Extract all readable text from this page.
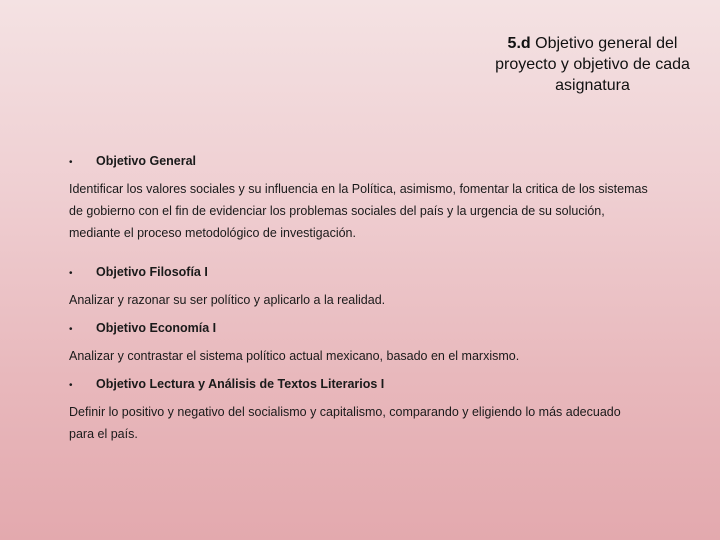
5.d Objetivo general del proyecto y objetivo de cada asignatura
•	Objetivo General

Identificar los valores sociales y su influencia en la Política, asimismo, fomentar la critica de los sistemas de gobierno con el fin de evidenciar los problemas sociales del país y la urgencia de su solución, mediante el proceso metodológico de investigación.

•	Objetivo Filosofía I

Analizar y razonar su ser político y aplicarlo a la realidad.

•	Objetivo Economía I

Analizar y contrastar el sistema político actual mexicano, basado en el marxismo.

•	Objetivo Lectura y Análisis de Textos Literarios I

Definir lo positivo y negativo del socialismo y capitalismo, comparando y eligiendo lo más adecuado para el país.
